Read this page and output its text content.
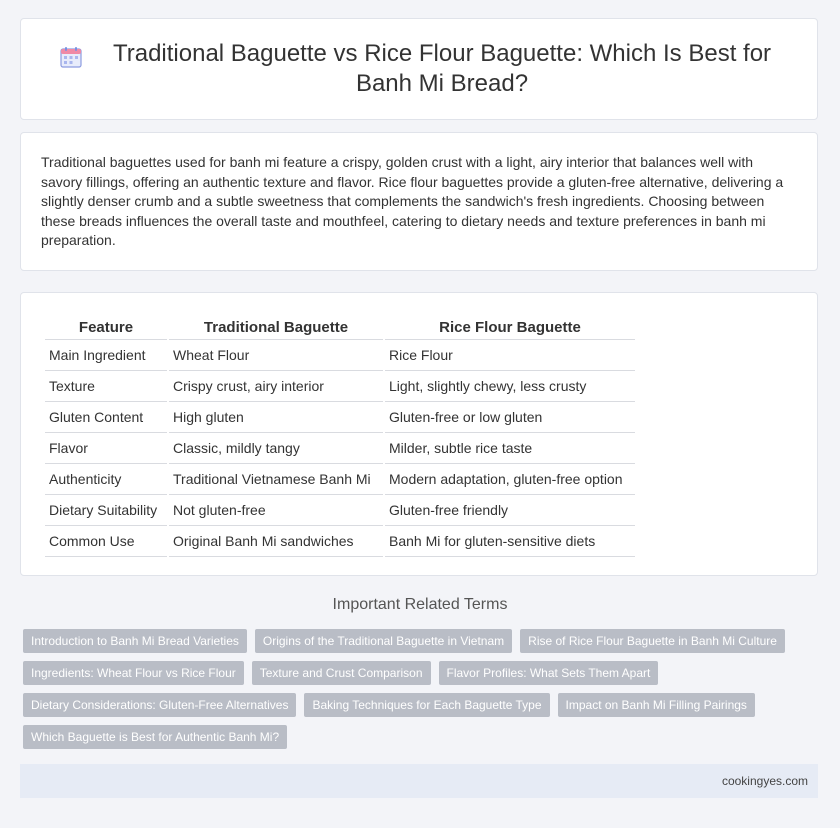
Traditional Baguette vs Rice Flour Baguette: Which Is Best for Banh Mi Bread?

Traditional baguettes used for banh mi feature a crispy, golden crust with a light, airy interior that balances well with savory fillings, offering an authentic texture and flavor. Rice flour baguettes provide a gluten-free alternative, delivering a slightly denser crumb and a subtle sweetness that complements the sandwich's fresh ingredients. Choosing between these breads influences the overall taste and mouthfeel, catering to dietary needs and texture preferences in banh mi preparation.

Feature	Traditional Baguette	Rice Flour Baguette
Main Ingredient	Wheat Flour	Rice Flour
Texture	Crispy crust, airy interior	Light, slightly chewy, less crusty
Gluten Content	High gluten	Gluten-free or low gluten
Flavor	Classic, mildly tangy	Milder, subtle rice taste
Authenticity	Traditional Vietnamese Banh Mi	Modern adaptation, gluten-free option
Dietary Suitability	Not gluten-free	Gluten-free friendly
Common Use	Original Banh Mi sandwiches	Banh Mi for gluten-sensitive diets
Important Related Terms
Introduction to Banh Mi Bread Varieties	Origins of the Traditional Baguette in Vietnam	Rise of Rice Flour Baguette in Banh Mi Culture
Ingredients: Wheat Flour vs Rice Flour	Texture and Crust Comparison	Flavor Profiles: What Sets Them Apart
Dietary Considerations: Gluten-Free Alternatives	Baking Techniques for Each Baguette Type	Impact on Banh Mi Filling Pairings
Which Baguette is Best for Authentic Banh Mi?
cookingyes.com
